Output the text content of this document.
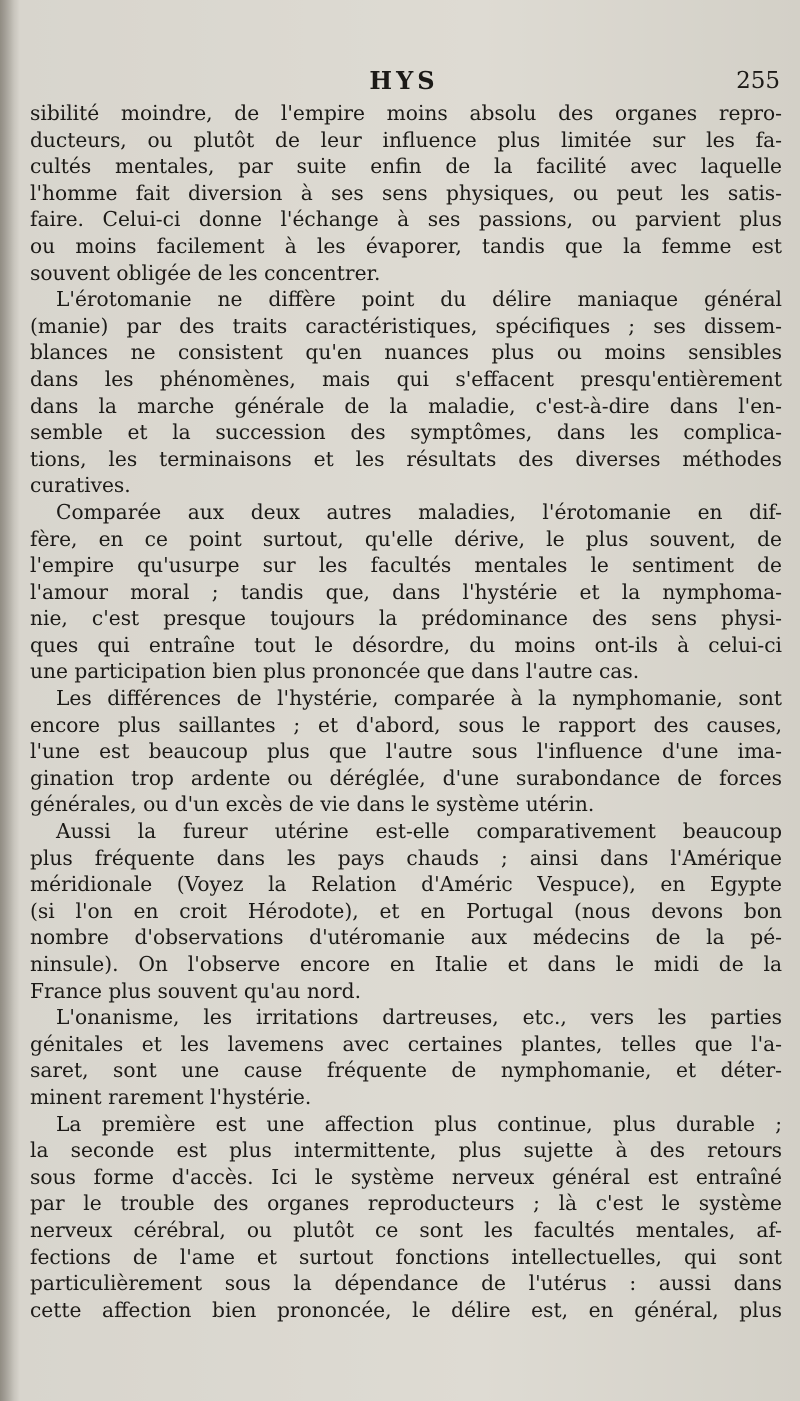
HYS	255
sibilité moindre, de l'empire moins absolu des organes repro-
ducteurs, ou plutôt de leur influence plus limitée sur les fa-
cultés mentales, par suite enfin de la facilité avec laquelle
l'homme fait diversion à ses sens physiques, ou peut les satis-
faire. Celui-ci donne l'échange à ses passions, ou parvient plus
ou moins facilement à les évaporer, tandis que la femme est
souvent obligée de les concentrer.
L'érotomanie ne diffère point du délire maniaque général
(manie) par des traits caractéristiques, spécifiques ; ses dissem-
blances ne consistent qu'en nuances plus ou moins sensibles
dans les phénomènes, mais qui s'effacent presqu'entièrement
dans la marche générale de la maladie, c'est-à-dire dans l'en-
semble et la succession des symptômes, dans les complica-
tions, les terminaisons et les résultats des diverses méthodes
curatives.
Comparée aux deux autres maladies, l'érotomanie en dif-
fère, en ce point surtout, qu'elle dérive, le plus souvent, de
l'empire qu'usurpe sur les facultés mentales le sentiment de
l'amour moral ; tandis que, dans l'hystérie et la nymphoma-
nie, c'est presque toujours la prédominance des sens physi-
ques qui entraîne tout le désordre, du moins ont-ils à celui-ci
une participation bien plus prononcée que dans l'autre cas.
Les différences de l'hystérie, comparée à la nymphomanie, sont
encore plus saillantes ; et d'abord, sous le rapport des causes,
l'une est beaucoup plus que l'autre sous l'influence d'une ima-
gination trop ardente ou déréglée, d'une surabondance de forces
générales, ou d'un excès de vie dans le système utérin.
Aussi la fureur utérine est-elle comparativement beaucoup
plus fréquente dans les pays chauds ; ainsi dans l'Amérique
méridionale (Voyez la Relation d'Améric Vespuce), en Egypte
(si l'on en croit Hérodote), et en Portugal (nous devons bon
nombre d'observations d'utéromanie aux médecins de la pé-
ninsule). On l'observe encore en Italie et dans le midi de la
France plus souvent qu'au nord.
L'onanisme, les irritations dartreuses, etc., vers les parties
génitales et les lavemens avec certaines plantes, telles que l'a-
saret, sont une cause fréquente de nymphomanie, et déter-
minent rarement l'hystérie.
La première est une affection plus continue, plus durable ;
la seconde est plus intermittente, plus sujette à des retours
sous forme d'accès. Ici le système nerveux général est entraîné
par le trouble des organes reproducteurs ; là c'est le système
nerveux cérébral, ou plutôt ce sont les facultés mentales, af-
fections de l'ame et surtout fonctions intellectuelles, qui sont
particulièrement sous la dépendance de l'utérus : aussi dans
cette affection bien prononcée, le délire est, en général, plus
